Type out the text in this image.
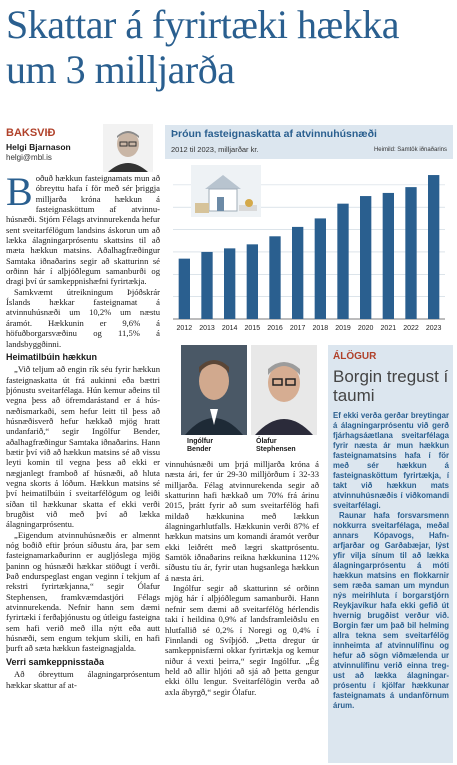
Skattar á fyrirtæki hækka um 3 milljarða
BAKSVIÐ
Helgi Bjarnason
helgi@mbl.is
B oðuð hækkun fasteignamats mun að óbreyttu hafa í för með sér þriggja milljarða króna hækkun á fasteignasköttum af atvinnuhúsnæði. Stjórn Félags atvinnurekenda hefur sent sveitarfélögum landsins áskorun um að lækka álagningarprósentu skattsins til að mæta hækkun matsins. Aðalhagfræðingur Samtaka iðnaðarins segir að skatturinn sé orðinn hár í alþjóðlegum samanburði og dragi því úr samkeppnishæfni fyrirtækja.

Samkvæmt útreikningum Þjóðskrár Íslands hækkar fasteignamat á atvinnuhúsnæði um 10,2% um næstu áramót. Hækkunin er 9,6% á höfuðborgarsvæðinu og 11,5% á landsbyggðinni.

Heimatilbúin hækkun

„Við teljum að engin rík séu fyrir hækkun fasteignaskatta út frá aukinni eða bættri þjónustu sveitarfélaga. Hún kemur aðeins til vegna þess að öfremdarástand er á húsnæðismarkaði, sem hefur leitt til þess að húsnæðisverð hefur hækkað mjög hratt undanfarið,“ segir Ingólfur Bender, aðalhagfræðingur Samtaka iðnaðarins. Hann bætir því við að hækkun matsins sé að vissu leyti komin til vegna þess að ekki er nægjanlegt framboð af húsnæði, að hluta vegna skorts á lóðum. Hækkun matsins sé því heimatilbúin í sveitarfélögum og leiði síðan til hækkunar skatta ef ekki verði brugðist við með því að lækka álagningarprósentu.

„Eigendum atvinnuhúsnæðis er almennt nóg boðið eftir þróun síðustu ára, þar sem fasteignamarkaðurinn er augljóslega mjög þaninn og húsnæði hækkar stöðugt í verði. Það endurspeglast engan veginn í tekjum af rekstri fyrirtækjanna,“ segir Ólafur Stephensen, framkvæmdastjóri Félags atvinnurekenda. Nefnir hann sem dæmi fyrirtæki í ferðaþjónustu og útleigu fasteigna sem hafi verið með illa nýtt eða autt húsnæði, sem engum tekjum skili, en hafi þurft að sæta hækkun fasteignagjalda.

Verri samkeppnisstaða

Að óbreyttum álagningarprósentum hækkar skattur af at-

Þróun fasteignaskatta af atvinnuhúsnæði
2012 til 2023, milljarðar kr.	Heimild: Samtök iðnaðarins
2012 2013 2014 2015 2016 2017 2018 2019 2020 2021 2022 2023
Ingólfur
Bender
Ólafur
Stephensen

vinnuhúsnæði um þrjá milljarða króna á næsta ári, fer úr 29-30 milljörðum í 32-33 milljarða. Félag atvinnurekenda segir að skatturinn hafi hækkað um 70% frá árinu 2015, þrátt fyrir að sum sveitarfélög hafi mildað hækkunina með lækkun álagningarhlutfalls. Hækkunin verði 87% ef hækkun matsins um komandi áramót verður ekki leiðrétt með lægri skattprósentu. Samtök iðnaðarins reikna hækkunina 112% síðustu tíu ár, fyrir utan hugsanlega hækkun á næsta ári.

Ingólfur segir að skatturinn sé orðinn mjög hár í alþjóðlegum samanburði. Hann nefnir sem dæmi að sveitarfélög hérlendis taki í heildina 0,9% af landsframleiðslu en hlutfallið sé 0,2% í Noregi og 0,4% í Finnlandi og Svíþjóð. „Þetta dregur úr samkeppnisfærni okkar fyrirtækja og kemur niður á vexti þeirra,“ segir Ingólfur. „Ég held að allir hljóti að sjá að þetta gengur ekki öllu lengur. Sveitarfélögin verða að axla ábyrgð,“ segir Ólafur.

ÁLÖGUR
Borgin tregust í taumi

Ef ekki verða gerðar breytingar á álagningarprósentu við gerð fjárhagsáætlana sveitarfélaga fyrir næsta ár mun hækkun fasteignamatsins hafa í för með sér hækkun á fasteignasköttum fyrirtækja, í takt við hækkun mats atvinnuhúsnæðis í viðkomandi sveitarfélagi.

Raunar hafa forsvarsmenn nokkurra sveitarfélaga, meðal annars Kópavogs, Hafnarfjarðar og Garðabæjar, lýst yfir vilja sínum til að lækka álagningarprósentu á móti hækkun matsins en flokkarnir sem ræða saman um myndun nýs meirihluta í borgarstjórn Reykjavíkur hafa ekki gefið út hvernig brugðist verður við. Borgin fær um það bil helming allra tekna sem sveitarfélög innheimta af atvinnulífinu og hefur að sögn viðmælenda ur atvinnulífinu verið einna tregust að lækka álagningarprósentu í kjölfar hækkunar fasteignamats á undanförnum árum.
